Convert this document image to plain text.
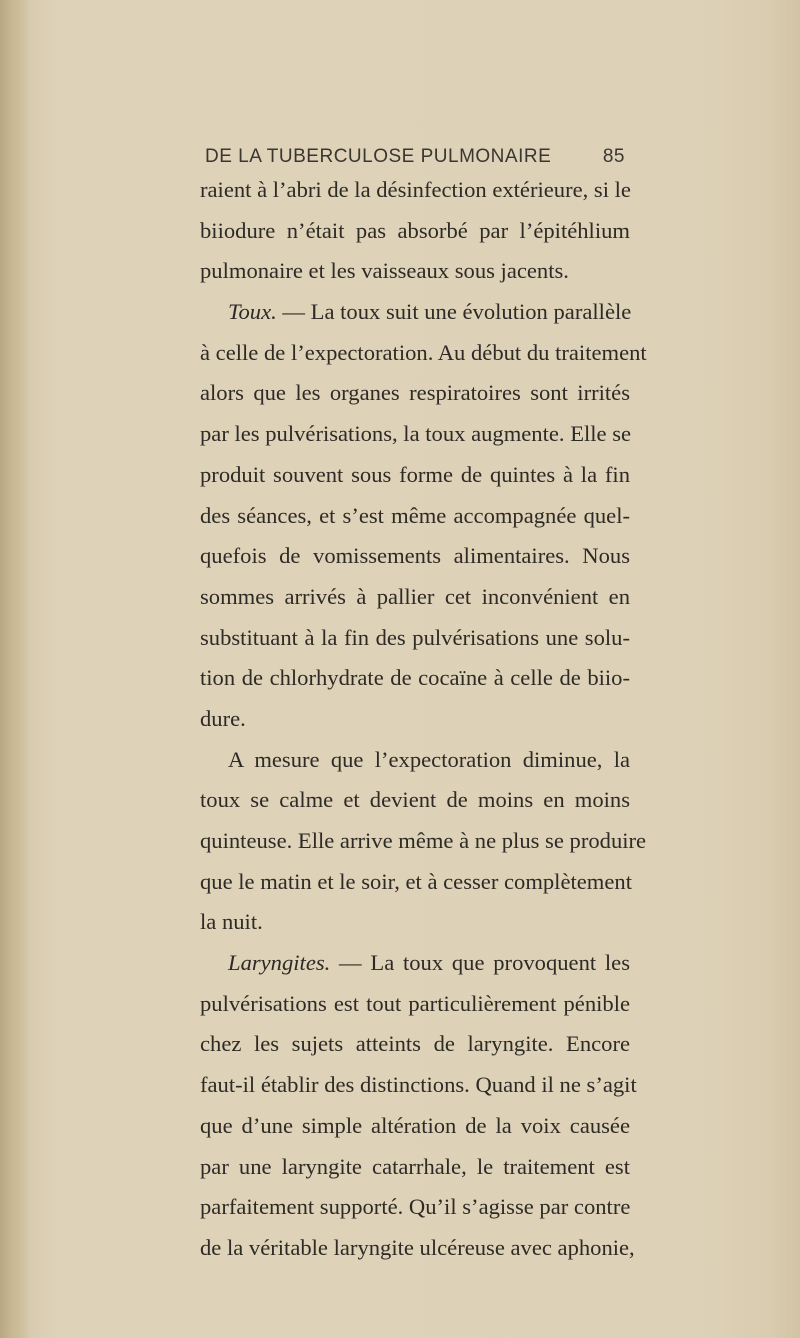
DE LA TUBERCULOSE PULMONAIRE	85
raient à l’abri de la désinfection extérieure, si le
biiodure n’était pas absorbé par l’épitéhlium
pulmonaire et les vaisseaux sous jacents.
Toux. — La toux suit une évolution parallèle
à celle de l’expectoration. Au début du traitement
alors que les organes respiratoires sont irrités
par les pulvérisations, la toux augmente. Elle se
produit souvent sous forme de quintes à la fin
des séances, et s’est même accompagnée quel-
quefois de vomissements alimentaires. Nous
sommes arrivés à pallier cet inconvénient en
substituant à la fin des pulvérisations une solu-
tion de chlorhydrate de cocaïne à celle de biio-
dure.
A mesure que l’expectoration diminue, la
toux se calme et devient de moins en moins
quinteuse. Elle arrive même à ne plus se produire
que le matin et le soir, et à cesser complètement
la nuit.
Laryngites. — La toux que provoquent les
pulvérisations est tout particulièrement pénible
chez les sujets atteints de laryngite. Encore
faut-il établir des distinctions. Quand il ne s’agit
que d’une simple altération de la voix causée
par une laryngite catarrhale, le traitement est
parfaitement supporté. Qu’il s’agisse par contre
de la véritable laryngite ulcéreuse avec aphonie,
